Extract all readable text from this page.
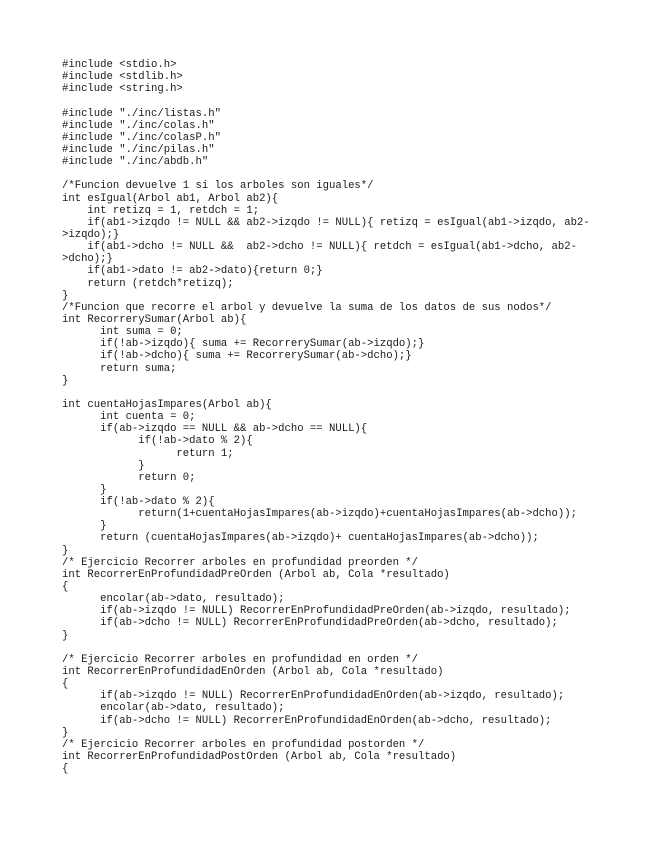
#include <stdio.h>
#include <stdlib.h>
#include <string.h>
#include "./inc/listas.h"
#include "./inc/colas.h"
#include "./inc/colasP.h"
#include "./inc/pilas.h"
#include "./inc/abdb.h"
/*Funcion devuelve 1 si los arboles son iguales*/
int esIgual(Arbol ab1, Arbol ab2){
int retizq = 1, retdch = 1;
if(ab1->izqdo != NULL && ab2->izqdo != NULL){ retizq = esIgual(ab1->izqdo, ab2-
>izqdo);}
if(ab1->dcho != NULL &&  ab2->dcho != NULL){ retdch = esIgual(ab1->dcho, ab2-
>dcho);}
if(ab1->dato != ab2->dato){return 0;}
return (retdch*retizq);
}
/*Funcion que recorre el arbol y devuelve la suma de los datos de sus nodos*/
int RecorrerySumar(Arbol ab){
int suma = 0;
if(!ab->izqdo){ suma += RecorrerySumar(ab->izqdo);}
if(!ab->dcho){ suma += RecorrerySumar(ab->dcho);}
return suma;
}
int cuentaHojasImpares(Arbol ab){
int cuenta = 0;
if(ab->izqdo == NULL && ab->dcho == NULL){
if(!ab->dato % 2){
return 1;
}
return 0;
}
if(!ab->dato % 2){
return(1+cuentaHojasImpares(ab->izqdo)+cuentaHojasImpares(ab->dcho));
}
return (cuentaHojasImpares(ab->izqdo)+ cuentaHojasImpares(ab->dcho));
}
/* Ejercicio Recorrer arboles en profundidad preorden */
int RecorrerEnProfundidadPreOrden (Arbol ab, Cola *resultado)
{
encolar(ab->dato, resultado);
if(ab->izqdo != NULL) RecorrerEnProfundidadPreOrden(ab->izqdo, resultado);
if(ab->dcho != NULL) RecorrerEnProfundidadPreOrden(ab->dcho, resultado);
}
/* Ejercicio Recorrer arboles en profundidad en orden */
int RecorrerEnProfundidadEnOrden (Arbol ab, Cola *resultado)
{
if(ab->izqdo != NULL) RecorrerEnProfundidadEnOrden(ab->izqdo, resultado);
encolar(ab->dato, resultado);
if(ab->dcho != NULL) RecorrerEnProfundidadEnOrden(ab->dcho, resultado);
}
/* Ejercicio Recorrer arboles en profundidad postorden */
int RecorrerEnProfundidadPostOrden (Arbol ab, Cola *resultado)
{
